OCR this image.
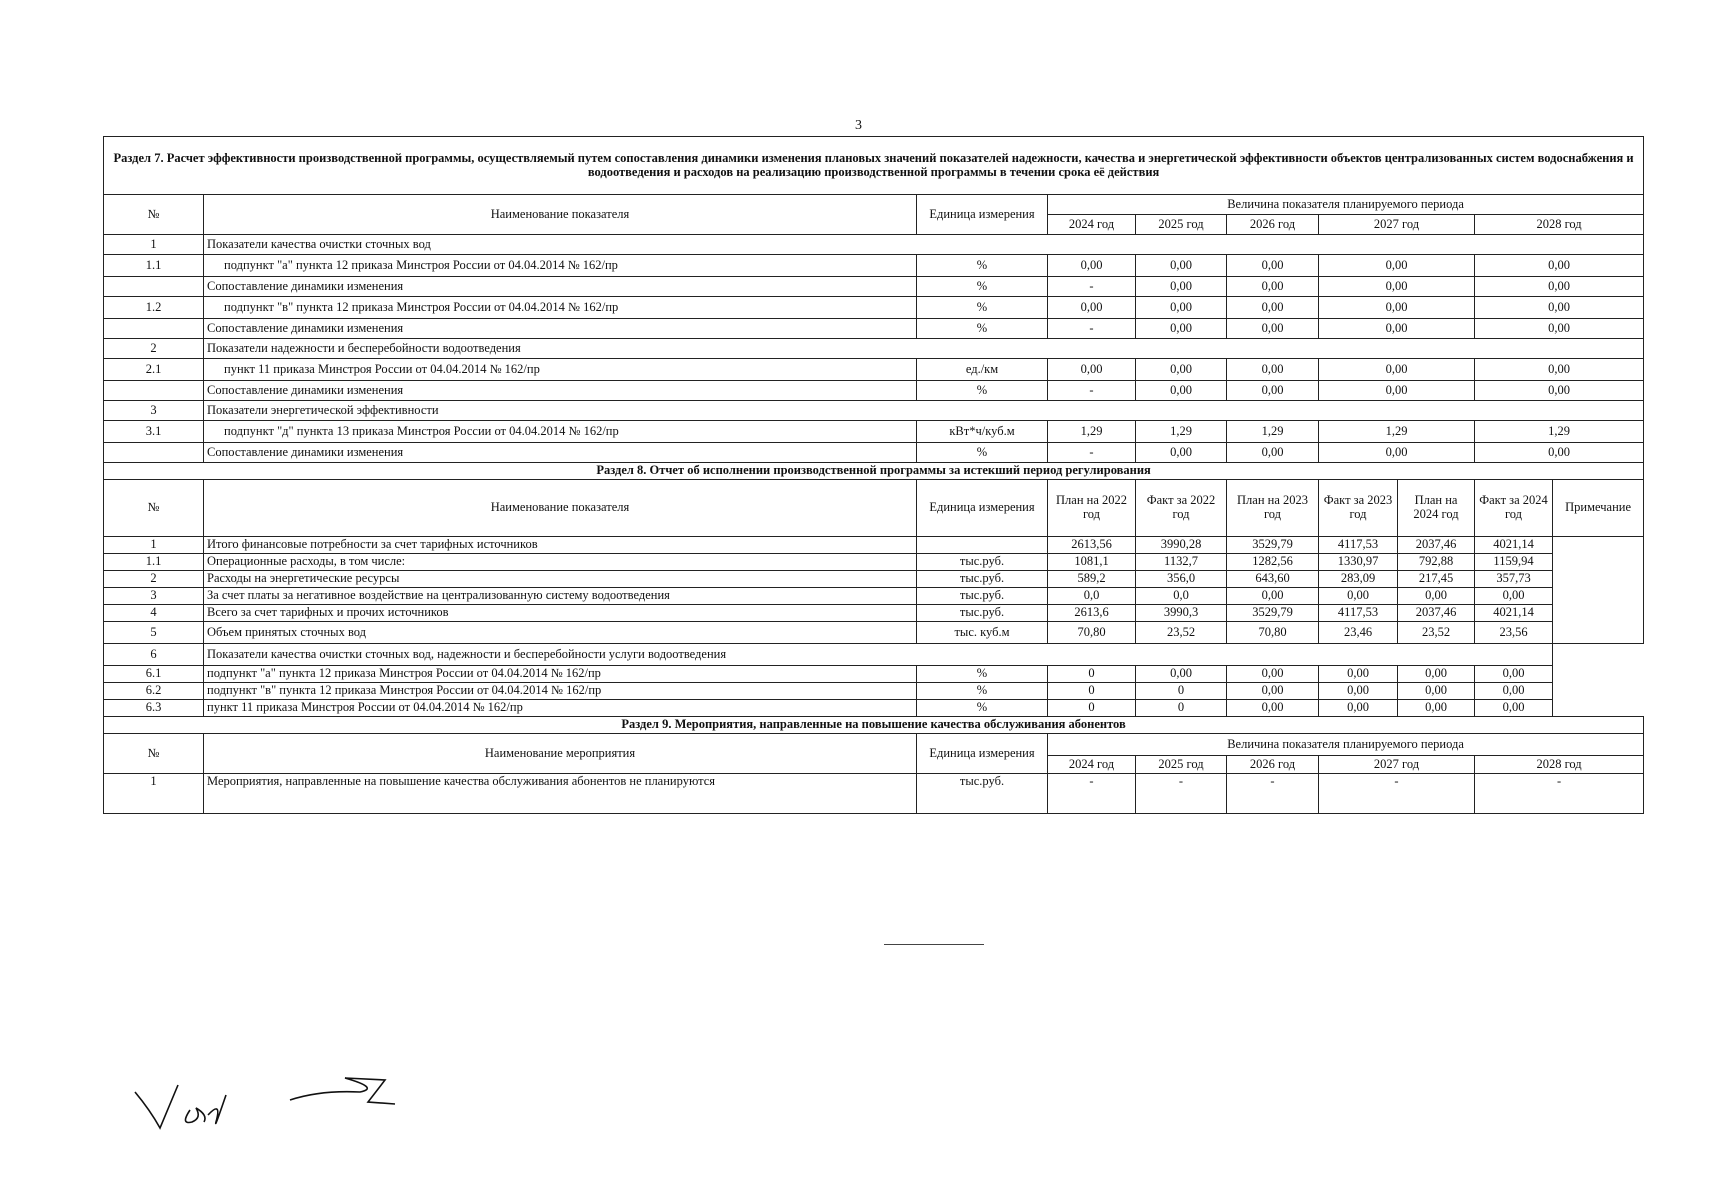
3
Раздел 7. Расчет эффективности производственной программы, осуществляемый путем сопоставления динамики изменения плановых значений показателей надежности, качества и энергетической эффективности объектов централизованных систем водоснабжения и водоотведения и расходов на реализацию производственной программы в течении срока её действия									
№	Наименование показателя	Единица измерения	Величина показателя планируемого периода						
			2024 год	2025 год	2026 год	2027 год		2028 год	
1	Показатели качества очистки сточных вод								
1.1	подпункт "а" пункта 12 приказа Минстроя России от 04.04.2014 № 162/пр	%	0,00	0,00	0,00	0,00		0,00	
	Сопоставление динамики изменения	%	-	0,00	0,00	0,00		0,00	
1.2	подпункт "в" пункта 12 приказа Минстроя России от 04.04.2014 № 162/пр	%	0,00	0,00	0,00	0,00		0,00	
	Сопоставление динамики изменения	%	-	0,00	0,00	0,00		0,00	
2	Показатели надежности и бесперебойности водоотведения								
2.1	пункт 11 приказа Минстроя России от 04.04.2014 № 162/пр	ед./км	0,00	0,00	0,00	0,00		0,00	
	Сопоставление динамики изменения	%	-	0,00	0,00	0,00		0,00	
3	Показатели энергетической эффективности								
3.1	подпункт "д" пункта 13 приказа Минстроя России от 04.04.2014 № 162/пр	кВт*ч/куб.м	1,29	1,29	1,29	1,29		1,29	
	Сопоставление динамики изменения	%	-	0,00	0,00	0,00		0,00	
Раздел 8. Отчет об исполнении производственной программы за истекший период регулирования									
№	Наименование показателя	Единица измерения	План на 2022 год	Факт за 2022 год	План на 2023 год	Факт за 2023 год	План на 2024 год	Факт за 2024 год	Примечание
1	Итого финансовые потребности за счет тарифных источников		2613,56	3990,28	3529,79	4117,53	2037,46	4021,14	
1.1	Операционные расходы, в том числе:	тыс.руб.	1081,1	1132,7	1282,56	1330,97	792,88	1159,94	
2	Расходы на энергетические ресурсы	тыс.руб.	589,2	356,0	643,60	283,09	217,45	357,73	
3	За счет платы за негативное воздействие на централизованную систему водоотведения	тыс.руб.	0,0	0,0	0,00	0,00	0,00	0,00	
4	Всего за счет тарифных и прочих источников	тыс.руб.	2613,6	3990,3	3529,79	4117,53	2037,46	4021,14	
5	Объем принятых сточных вод	тыс. куб.м	70,80	23,52	70,80	23,46	23,52	23,56	
6	Показатели качества очистки сточных вод, надежности и бесперебойности услуги водоотведения								
6.1	подпункт "а" пункта 12 приказа Минстроя России от 04.04.2014 № 162/пр	%	0	0,00	0,00	0,00	0,00	0,00	
6.2	подпункт "в" пункта 12 приказа Минстроя России от 04.04.2014 № 162/пр	%	0	0	0,00	0,00	0,00	0,00	
6.3	пункт 11 приказа Минстроя России от 04.04.2014 № 162/пр	%	0	0	0,00	0,00	0,00	0,00	
Раздел 9. Мероприятия, направленные на повышение качества обслуживания абонентов									
№	Наименование мероприятия	Единица измерения	Величина показателя планируемого периода						
			2024 год	2025 год	2026 год	2027 год		2028 год	
1	Мероприятия, направленные на повышение качества обслуживания абонентов не планируются	тыс.руб.	-	-	-	-		-	
